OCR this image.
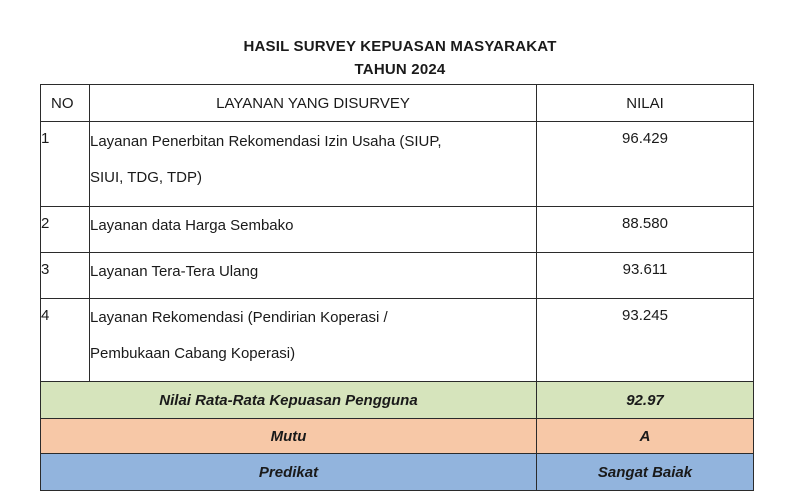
HASIL SURVEY KEPUASAN MASYARAKAT
TAHUN 2024
NO	LAYANAN YANG DISURVEY	NILAI
1	Layanan Penerbitan Rekomendasi Izin Usaha (SIUP,
SIUI, TDG, TDP)	96.429
2	Layanan data Harga Sembako	88.580
3	Layanan Tera-Tera Ulang	93.611
4	Layanan Rekomendasi (Pendirian Koperasi /
Pembukaan Cabang Koperasi)	93.245
Nilai Rata-Rata Kepuasan Pengguna		92.97
Mutu		A
Predikat		Sangat Baiak
